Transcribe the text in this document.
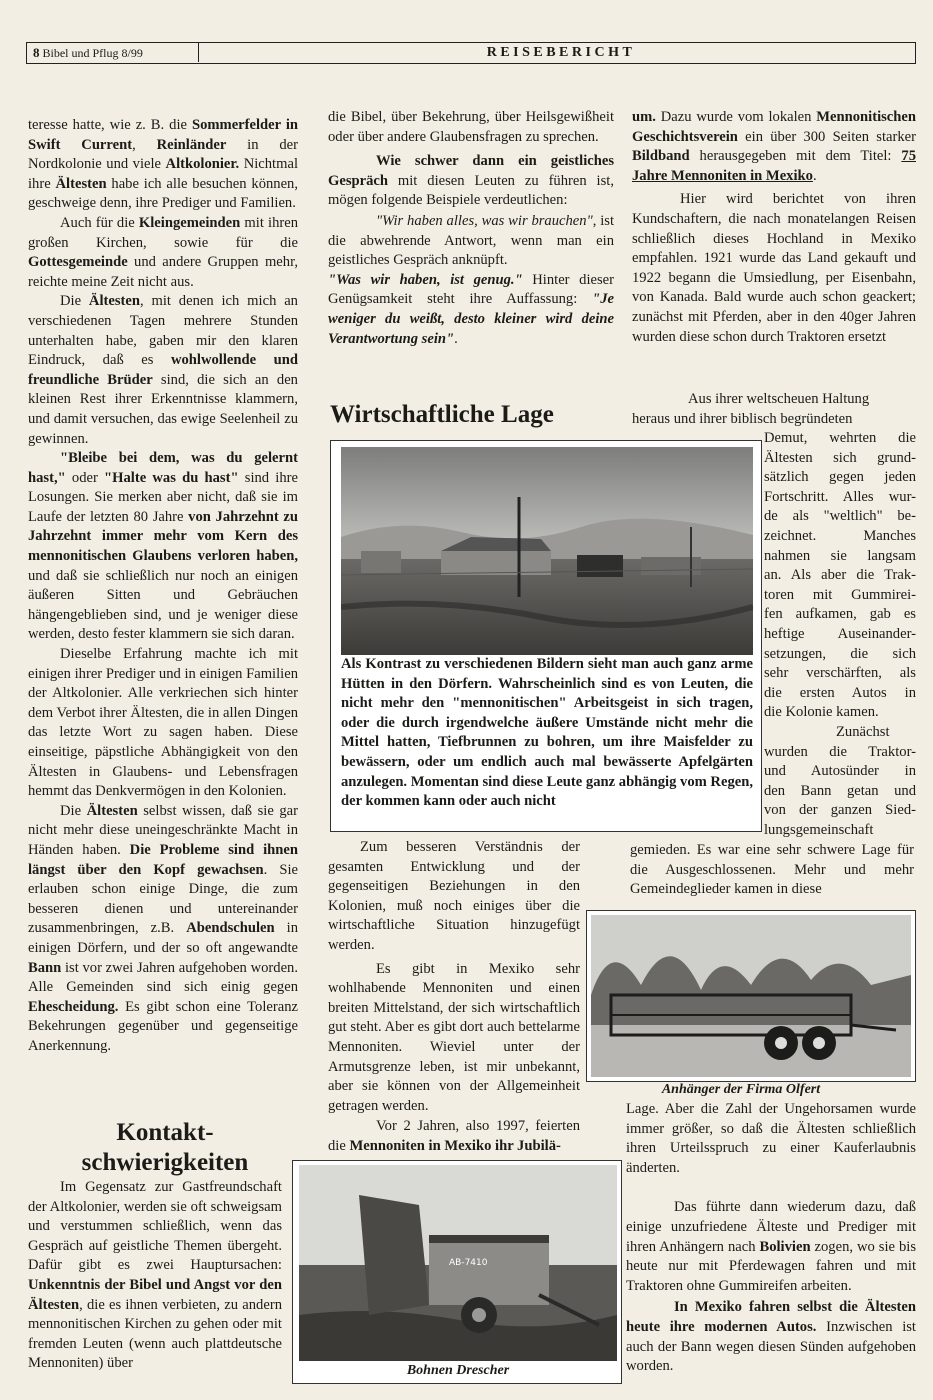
8 Bibel und Pflug 8/99	REISEBERICHT

teresse hatte, wie z. B. die Sommerfelder in Swift Current, Reinländer in der Nordkolonie und viele Altkolonier. Nichtmal ihre Ältesten habe ich alle besuchen können, geschweige denn, ihre Prediger und Familien.

Auch für die Kleingemeinden mit ihren großen Kirchen, sowie für die Gottesgemeinde und andere Gruppen mehr, reichte meine Zeit nicht aus.

Die Ältesten, mit denen ich mich an verschiedenen Tagen mehrere Stunden unterhalten habe, gaben mir den klaren Eindruck, daß es wohlwollende und freundliche Brüder sind, die sich an den kleinen Rest ihrer Erkenntnisse klammern, und damit versuchen, das ewige Seelenheil zu gewinnen.

"Bleibe bei dem, was du gelernt hast," oder "Halte was du hast" sind ihre Losungen. Sie merken aber nicht, daß sie im Laufe der letzten 80 Jahre von Jahrzehnt zu Jahrzehnt immer mehr vom Kern des mennonitischen Glaubens verloren haben, und daß sie schließlich nur noch an einigen äußeren Sitten und Gebräuchen hängengeblieben sind, und je weniger diese werden, desto fester klammern sie sich daran.

Dieselbe Erfahrung machte ich mit einigen ihrer Prediger und in einigen Familien der Altkolonier. Alle verkriechen sich hinter dem Verbot ihrer Ältesten, die in allen Dingen das letzte Wort zu sagen haben. Diese einseitige, päpstliche Abhängigkeit von den Ältesten in Glaubens- und Lebensfragen hemmt das Denkvermögen in den Kolonien.

Die Ältesten selbst wissen, daß sie gar nicht mehr diese uneingeschränkte Macht in Händen haben. Die Probleme sind ihnen längst über den Kopf gewachsen. Sie erlauben schon einige Dinge, die zum besseren dienen und untereinander zusammenbringen, z.B. Abendschulen in einigen Dörfern, und der so oft angewandte Bann ist vor zwei Jahren aufgehoben worden. Alle Gemeinden sind sich einig gegen Ehescheidung. Es gibt schon eine Toleranz Bekehrungen gegenüber und gegenseitige Anerkennung.

Kontakt-
schwierigkeiten

Im Gegensatz zur Gastfreundschaft der Altkolonier, werden sie oft schweigsam und verstummen schließlich, wenn das Gespräch auf geistliche Themen übergeht. Dafür gibt es zwei Hauptursachen: Unkenntnis der Bibel und Angst vor den Ältesten, die es ihnen verbieten, zu andern mennonitischen Kirchen zu gehen oder mit fremden Leuten (wenn auch plattdeutsche Mennoniten) über

die Bibel, über Bekehrung, über Heilsgewißheit oder über andere Glaubensfragen zu sprechen.

Wie schwer dann ein geistliches Gespräch mit diesen Leuten zu führen ist, mögen folgende Beispiele verdeutlichen:

"Wir haben alles, was wir brauchen", ist die abwehrende Antwort, wenn man ein geistliches Gespräch anknüpft.

"Was wir haben, ist genug." Hinter dieser Genügsamkeit steht ihre Auffassung: "Je weniger du weißt, desto kleiner wird deine Verantwortung sein".

Wirtschaftliche Lage
Als Kontrast zu verschiedenen Bildern sieht man auch ganz arme Hütten in den Dörfern. Wahrscheinlich sind es von Leuten, die nicht mehr den "mennonitischen" Arbeitsgeist in sich tragen, oder die durch irgendwelche äußere Umstände nicht mehr die Mittel hatten, Tiefbrunnen zu bohren, um ihre Maisfelder zu bewässern, oder um endlich auch mal bewässerte Apfelgärten anzulegen. Momentan sind diese Leute ganz abhängig vom Regen, der kommen kann oder auch nicht

Zum besseren Verständnis der gesamten Entwicklung und der gegenseitigen Beziehungen in den Kolonien, muß noch einiges über die wirtschaftliche Situation hinzugefügt werden.

Es gibt in Mexiko sehr wohlhabende Mennoniten und einen breiten Mittelstand, der sich wirtschaftlich gut steht. Aber es gibt dort auch bettelarme Mennoniten. Wieviel unter der Armutsgrenze leben, ist mir unbekannt, aber sie können von der Allgemeinheit getragen werden.

Vor 2 Jahren, also 1997, feierten die Mennoniten in Mexiko ihr Jubilä-

AB-7410
Bohnen Drescher

um. Dazu wurde vom lokalen Mennonitischen Geschichtsverein ein über 300 Seiten starker Bildband herausgegeben mit dem Titel: 75 Jahre Mennoniten in Mexiko.

Hier wird berichtet von ihren Kundschaftern, die nach monatelangen Reisen schließlich dieses Hochland in Mexiko empfahlen. 1921 wurde das Land gekauft und 1922 begann die Umsiedlung, per Eisenbahn, von Kanada. Bald wurde auch schon geackert; zunächst mit Pferden, aber in den 40ger Jahren wurden diese schon durch Traktoren ersetzt

Aus ihrer weltscheuen Haltung
heraus und ihrer biblisch begründeten
Demut, wehrten die
Ältesten sich grund-
sätzlich gegen jeden
Fortschritt. Alles wur-
de als "weltlich" be-
zeichnet. Manches
nahmen sie langsam
an. Als aber die Trak-
toren mit Gummirei-
fen aufkamen, gab es
heftige Auseinander-
setzungen, die sich
sehr verschärften, als
die ersten Autos in
die Kolonie kamen.
Zunächst
wurden die Traktor-
und Autosünder in
den Bann getan und
von der ganzen Sied-
lungsgemeinschaft

gemieden. Es war eine sehr schwere Lage für die Ausgeschlossenen. Mehr und mehr Gemeindeglieder kamen in diese

Anhänger der Firma Olfert

Lage. Aber die Zahl der Ungehorsamen wurde immer größer, so daß die Ältesten schließlich ihren Urteilsspruch zu einer Kauferlaubnis änderten.

Das führte dann wiederum dazu, daß einige unzufriedene Älteste und Prediger mit ihren Anhängern nach Bolivien zogen, wo sie bis heute nur mit Pferdewagen fahren und mit Traktoren ohne Gummireifen arbeiten.

In Mexiko fahren selbst die Ältesten heute ihre modernen Autos. Inzwischen ist auch der Bann wegen diesen Sünden aufgehoben worden.
